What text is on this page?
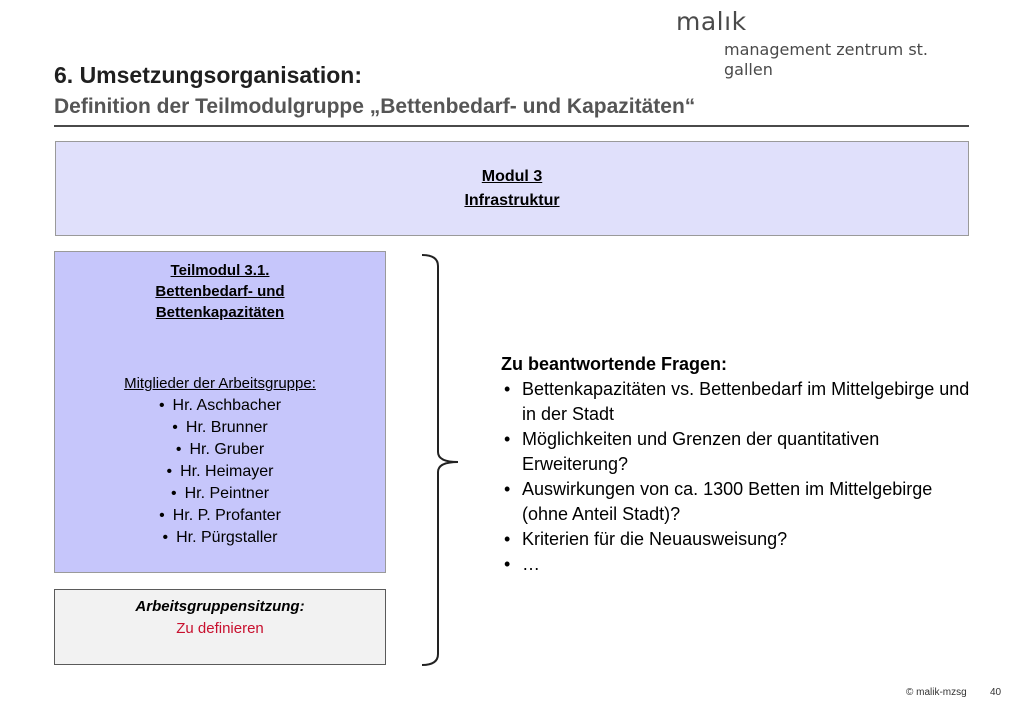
malık
management zentrum st. gallen
6. Umsetzungsorganisation:
Definition der Teilmodulgruppe „Bettenbedarf- und Kapazitäten“
Modul 3
Infrastruktur
Teilmodul 3.1.
Bettenbedarf- und
Bettenkapazitäten
Mitglieder der Arbeitsgruppe:
• Hr. Aschbacher
• Hr. Brunner
• Hr. Gruber
• Hr. Heimayer
• Hr. Peintner
• Hr. P. Profanter
• Hr. Pürgstaller
Arbeitsgruppensitzung:
Zu definieren
Zu beantwortende Fragen:
• Bettenkapazitäten vs. Bettenbedarf im Mittelgebirge und in der Stadt
• Möglichkeiten und Grenzen der quantitativen Erweiterung?
• Auswirkungen von ca. 1300 Betten im Mittelgebirge (ohne Anteil Stadt)?
• Kriterien für die Neuausweisung?
• …
© malik-mzsg 40
